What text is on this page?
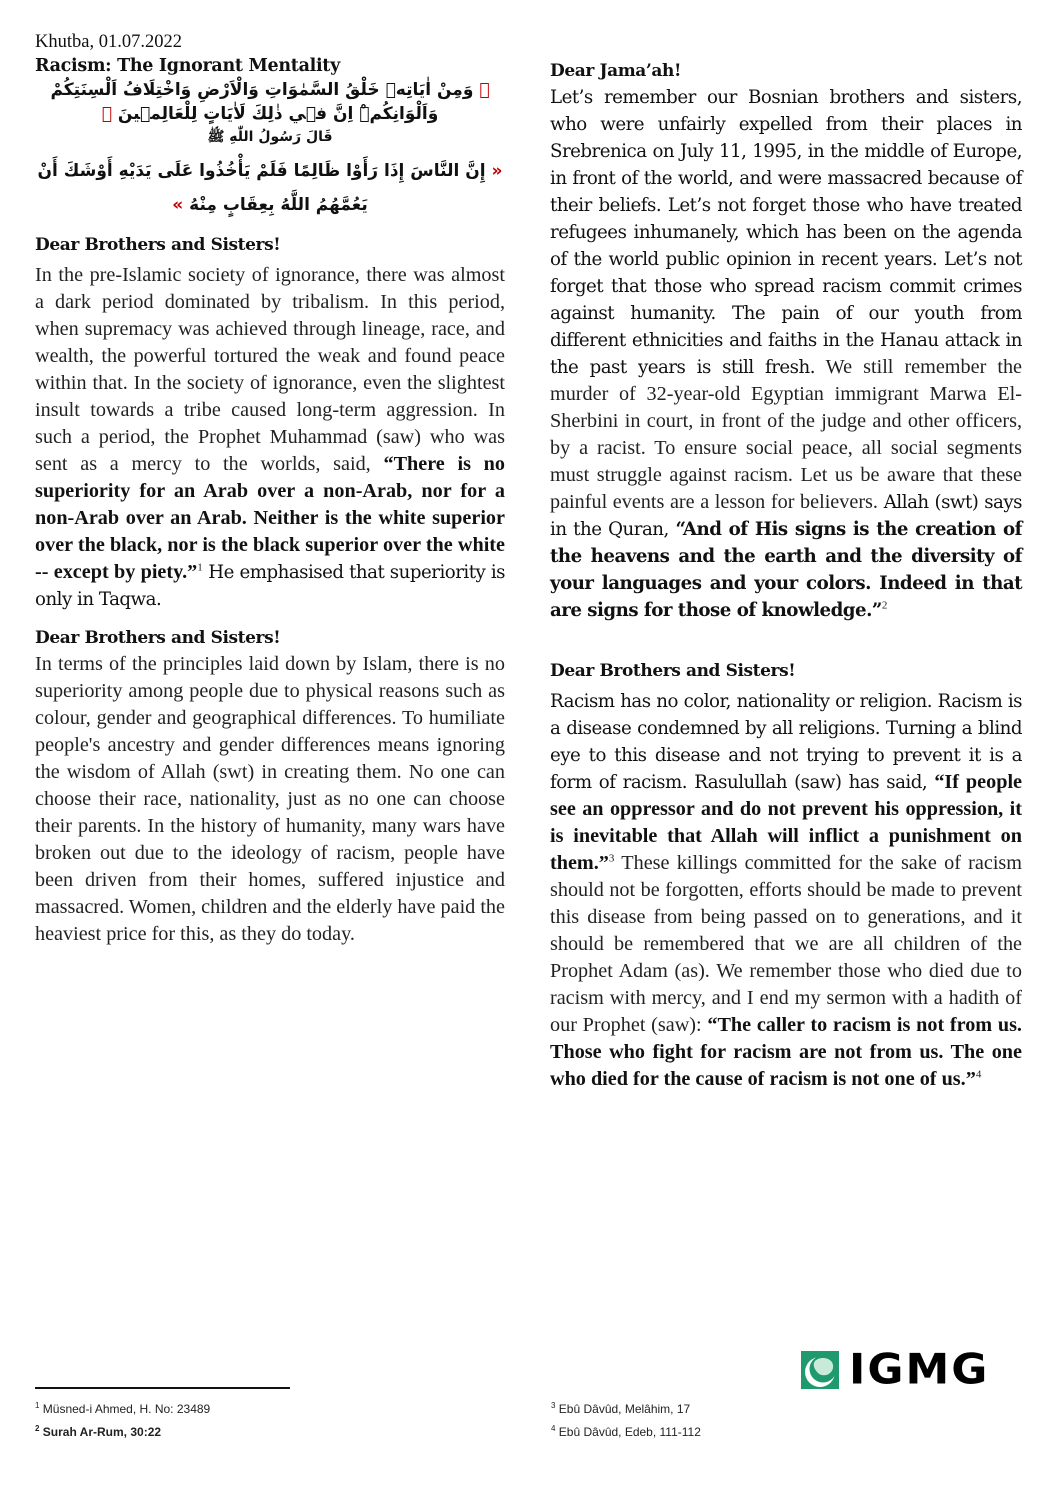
Khutba, 01.07.2022

Racism: The Ignorant Mentality

﴾ وَمِنْ اٰيَاتِه۪ خَلْقُ السَّمٰوَاتِ وَالْاَرْضِ وَاخْتِلَافُ اَلْسِنَتِكُمْ وَاَلْوَانِكُمْۜ اِنَّ ف۪ي ذٰلِكَ لَاٰيَاتٍ لِلْعَالِم۪ينَ ﴿

قَالَ رَسُولُ اللّٰهِ ﷺ

« إِنَّ النَّاسَ إِذَا رَأَوْا ظَالِمًا فَلَمْ يَأْخُذُوا عَلَى يَدَيْهِ أَوْشَكَ أَنْ يَعُمَّهُمُ اللَّهُ بِعِقَابٍ مِنْهُ »

Dear Brothers and Sisters!

In the pre-Islamic society of ignorance, there was almost a dark period dominated by tribalism. In this period, when supremacy was achieved through lineage, race, and wealth, the powerful tortured the weak and found peace within that. In the society of ignorance, even the slightest insult towards a tribe caused long-term aggression. In such a period, the Prophet Muhammad (saw) who was sent as a mercy to the worlds, said, “There is no superiority for an Arab over a non-Arab, nor for a non-Arab over an Arab. Neither is the white superior over the black, nor is the black superior over the white -- except by piety.”$^1$ He emphasised that superiority is only in Taqwa.

Dear Brothers and Sisters!

In terms of the principles laid down by Islam, there is no superiority among people due to physical reasons such as colour, gender and geographical differences. To humiliate people's ancestry and gender differences means ignoring the wisdom of Allah (swt) in creating them. No one can choose their race, nationality, just as no one can choose their parents. In the history of humanity, many wars have broken out due to the ideology of racism, people have been driven from their homes, suffered injustice and massacred. Women, children and the elderly have paid the heaviest price for this, as they do today.

Dear Jama’ah!

Let’s remember our Bosnian brothers and sisters, who were unfairly expelled from their places in Srebrenica on July 11, 1995, in the middle of Europe, in front of the world, and were massacred because of their beliefs. Let’s not forget those who have treated refugees inhumanely, which has been on the agenda of the world public opinion in recent years. Let’s not forget that those who spread racism commit crimes against humanity. The pain of our youth from different ethnicities and faiths in the Hanau attack in the past years is still fresh. We still remember the murder of 32-year-old Egyptian immigrant Marwa El-Sherbini in court, in front of the judge and other officers, by a racist. To ensure social peace, all social segments must struggle against racism. Let us be aware that these painful events are a lesson for believers. Allah (swt) says in the Quran, “And of His signs is the creation of the heavens and the earth and the diversity of your languages and your colors. Indeed in that are signs for those of knowledge.”$^2$

Dear Brothers and Sisters!

Racism has no color, nationality or religion. Racism is a disease condemned by all religions. Turning a blind eye to this disease and not trying to prevent it is a form of racism. Rasulullah (saw) has said, “If people see an oppressor and do not prevent his oppression, it is inevitable that Allah will inflict a punishment on them.”$^3$ These killings committed for the sake of racism should not be forgotten, efforts should be made to prevent this disease from being passed on to generations, and it should be remembered that we are all children of the Prophet Adam (as). We remember those who died due to racism with mercy, and I end my sermon with a hadith of our Prophet (saw): “The caller to racism is not from us. Those who fight for racism are not from us. The one who died for the cause of racism is not one of us.”$^4$

IGMG
$^1$ Müsned-i Ahmed, H. No: 23489
$^2$ Surah Ar-Rum, 30:22
$^3$ Ebû Dâvûd, Melâhim, 17
$^4$ Ebû Dâvûd, Edeb, 111-112
